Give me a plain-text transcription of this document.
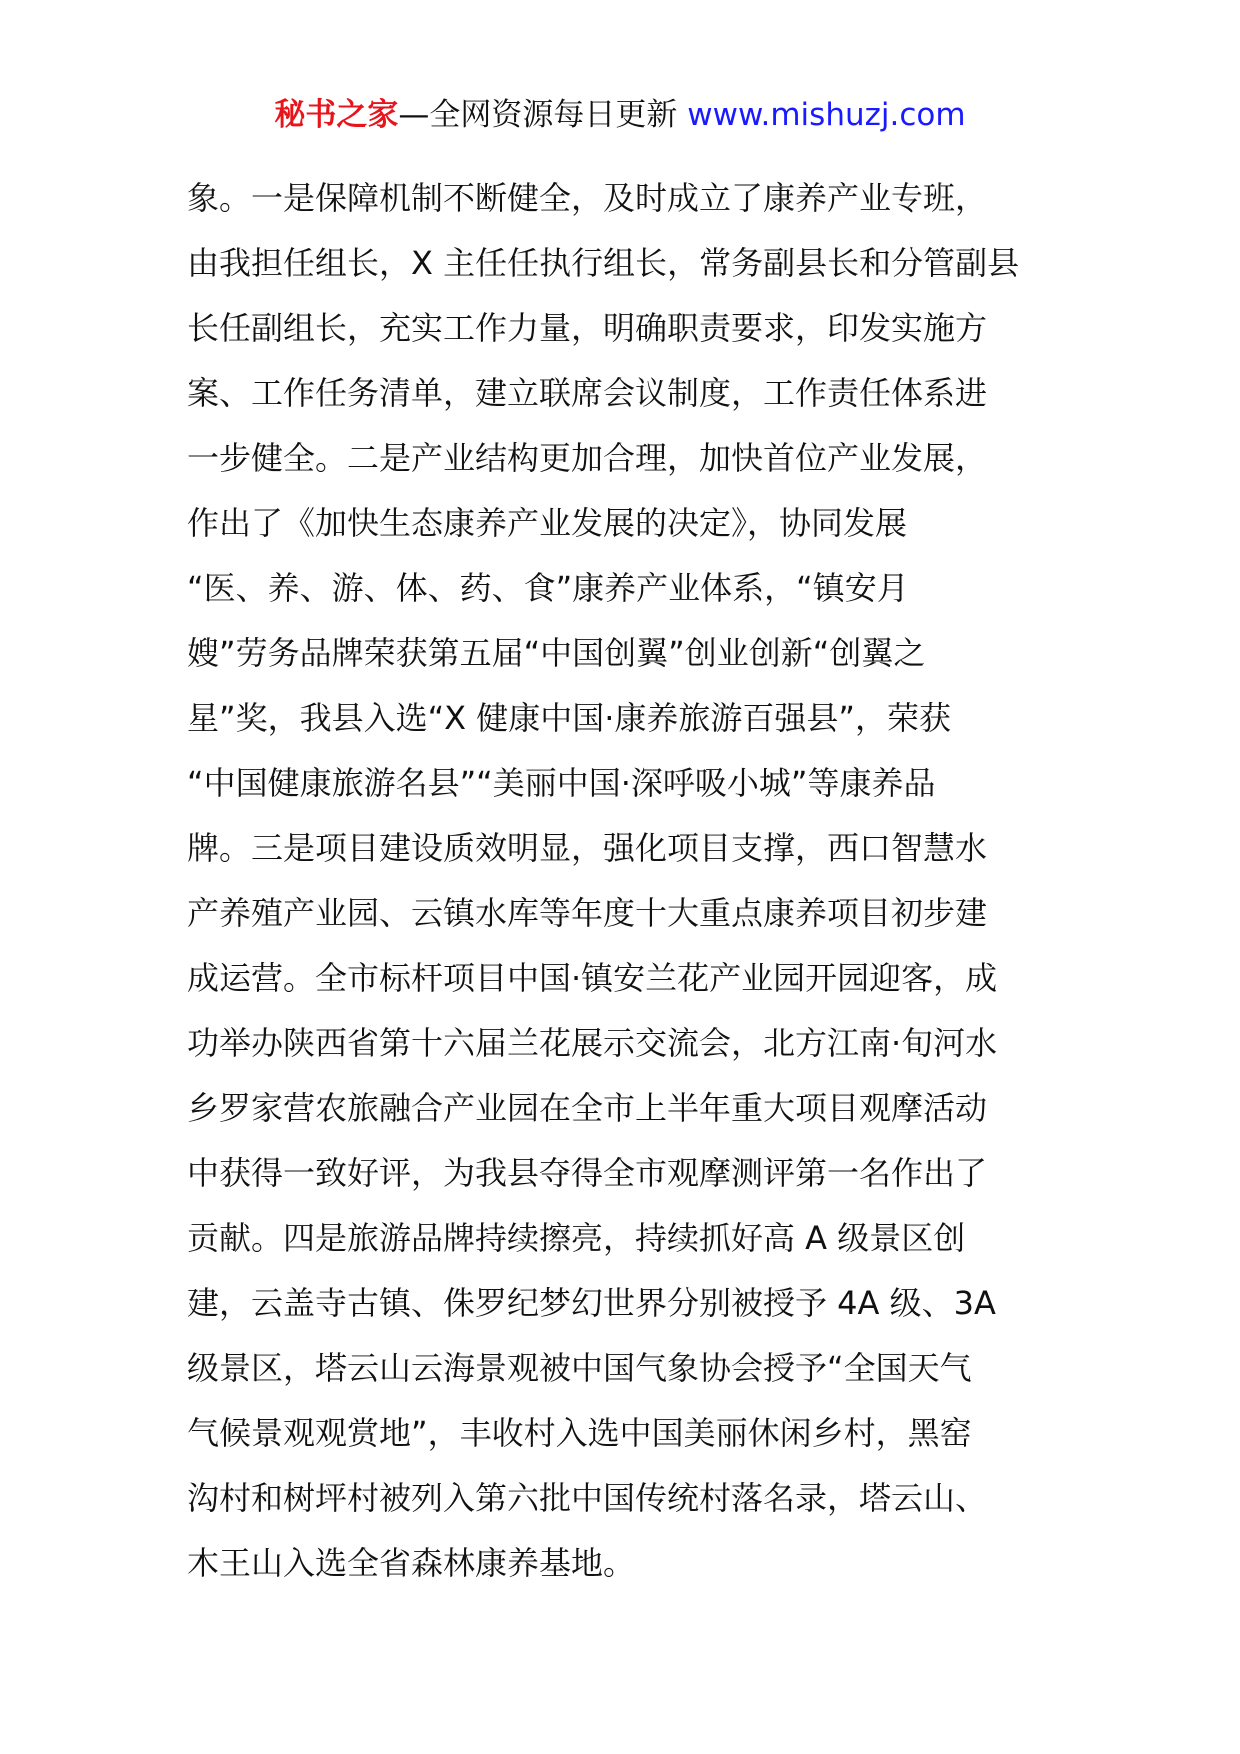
秘书之家—全网资源每日更新 www.mishuzj.com
象。一是保障机制不断健全，及时成立了康养产业专班，
由我担任组长，X 主任任执行组长，常务副县长和分管副县
长任副组长，充实工作力量，明确职责要求，印发实施方
案、工作任务清单，建立联席会议制度，工作责任体系进
一步健全。二是产业结构更加合理，加快首位产业发展，
作出了《加快生态康养产业发展的决定》，协同发展
“医、养、游、体、药、食”康养产业体系，“镇安月
嫂”劳务品牌荣获第五届“中国创翼”创业创新“创翼之
星”奖，我县入选“X 健康中国·康养旅游百强县”，荣获
“中国健康旅游名县”“美丽中国·深呼吸小城”等康养品
牌。三是项目建设质效明显，强化项目支撑，西口智慧水
产养殖产业园、云镇水库等年度十大重点康养项目初步建
成运营。全市标杆项目中国·镇安兰花产业园开园迎客，成
功举办陕西省第十六届兰花展示交流会，北方江南·旬河水
乡罗家营农旅融合产业园在全市上半年重大项目观摩活动
中获得一致好评，为我县夺得全市观摩测评第一名作出了
贡献。四是旅游品牌持续擦亮，持续抓好高 A 级景区创
建，云盖寺古镇、侏罗纪梦幻世界分别被授予 4A 级、3A
级景区，塔云山云海景观被中国气象协会授予“全国天气
气候景观观赏地”，丰收村入选中国美丽休闲乡村，黑窑
沟村和树坪村被列入第六批中国传统村落名录，塔云山、
木王山入选全省森林康养基地。
